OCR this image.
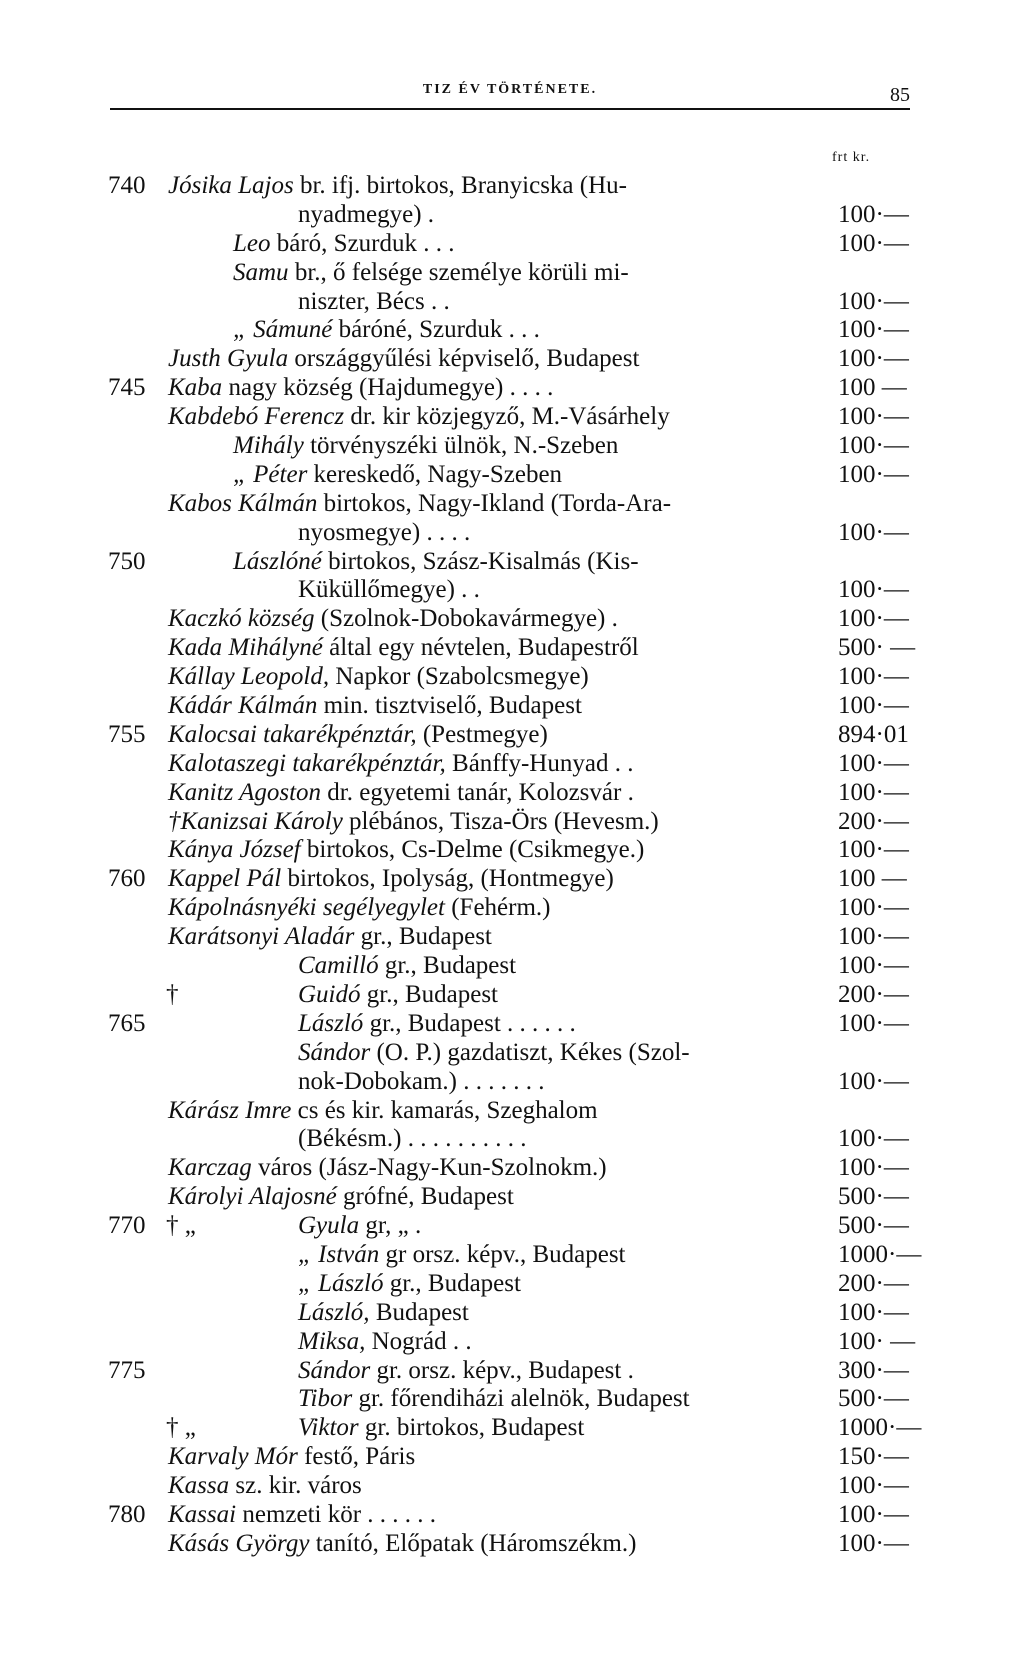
TIZ ÉV TÖRTÉNETE.	85
frt kr.
740 Jósika Lajos br. ifj. birtokos, Branyicska (Hu-
nyadmegye) .	100·—
Leo báró, Szurduk . . .	100·—
Samu br., ő felsége személye körüli mi-
niszter, Bécs . .	100·—
„ Sámuné báróné, Szurduk . . .	100·—
Justh Gyula országgyűlési képviselő, Budapest	100·—
745 Kaba nagy község (Hajdumegye) . . . .	100 —
Kabdebó Ferencz dr. kir közjegyző, M.-Vásárhely	100·—
Mihály törvényszéki ülnök, N.-Szeben	100·—
„ Péter kereskedő, Nagy-Szeben	100·—
Kabos Kálmán birtokos, Nagy-Ikland (Torda-Ara-
nyosmegye) . . . .	100·—
750	Lászlóné birtokos, Szász-Kisalmás (Kis-
Küküllőmegye) . .	100·—
Kaczkó község (Szolnok-Dobokavármegye) .	100·—
Kada Mihályné által egy névtelen, Budapestről	500· —
Kállay Leopold, Napkor (Szabolcsmegye)	100·—
Kádár Kálmán min. tisztviselő, Budapest	100·—
755 Kalocsai takarékpénztár, (Pestmegye)	894·01
Kalotaszegi takarékpénztár, Bánffy-Hunyad . .	100·—
Kanitz Agoston dr. egyetemi tanár, Kolozsvár .	100·—
†Kanizsai Károly plébános, Tisza-Örs (Hevesm.)	200·—
Kánya József birtokos, Cs-Delme (Csikmegye.)	100·—
760 Kappel Pál birtokos, Ipolyság, (Hontmegye)	100 —
Kápolnásnyéki segélyegylet (Fehérm.)	100·—
Karátsonyi Aladár gr., Budapest	100·—
Camilló gr., Budapest	100·—
†	Guidó gr., Budapest	200·—
765	László gr., Budapest . . . . . .	100·—
Sándor (O. P.) gazdatiszt, Kékes (Szol-
nok-Dobokam.) . . . . . . .	100·—
Kárász Imre cs és kir. kamarás, Szeghalom
(Békésm.) . . . . . . . . . .	100·—
Karczag város (Jász-Nagy-Kun-Szolnokm.)	100·—
Károlyi Alajosné grófné, Budapest	500·—
770 † „	Gyula gr, „ .	500·—
„ István gr orsz. képv., Budapest	1000·—
„ László gr., Budapest	200·—
László, Budapest	100·—
Miksa, Nográd . .	100· —
775	Sándor gr. orsz. képv., Budapest .	300·—
Tibor gr. főrendiházi alelnök, Budapest	500·—
† „	Viktor gr. birtokos, Budapest	1000·—
Karvaly Mór festő, Páris	150·—
Kassa sz. kir. város	100·—
780 Kassai nemzeti kör . . . . . .	100·—
Kásás György tanító, Előpatak (Háromszékm.)	100·—
